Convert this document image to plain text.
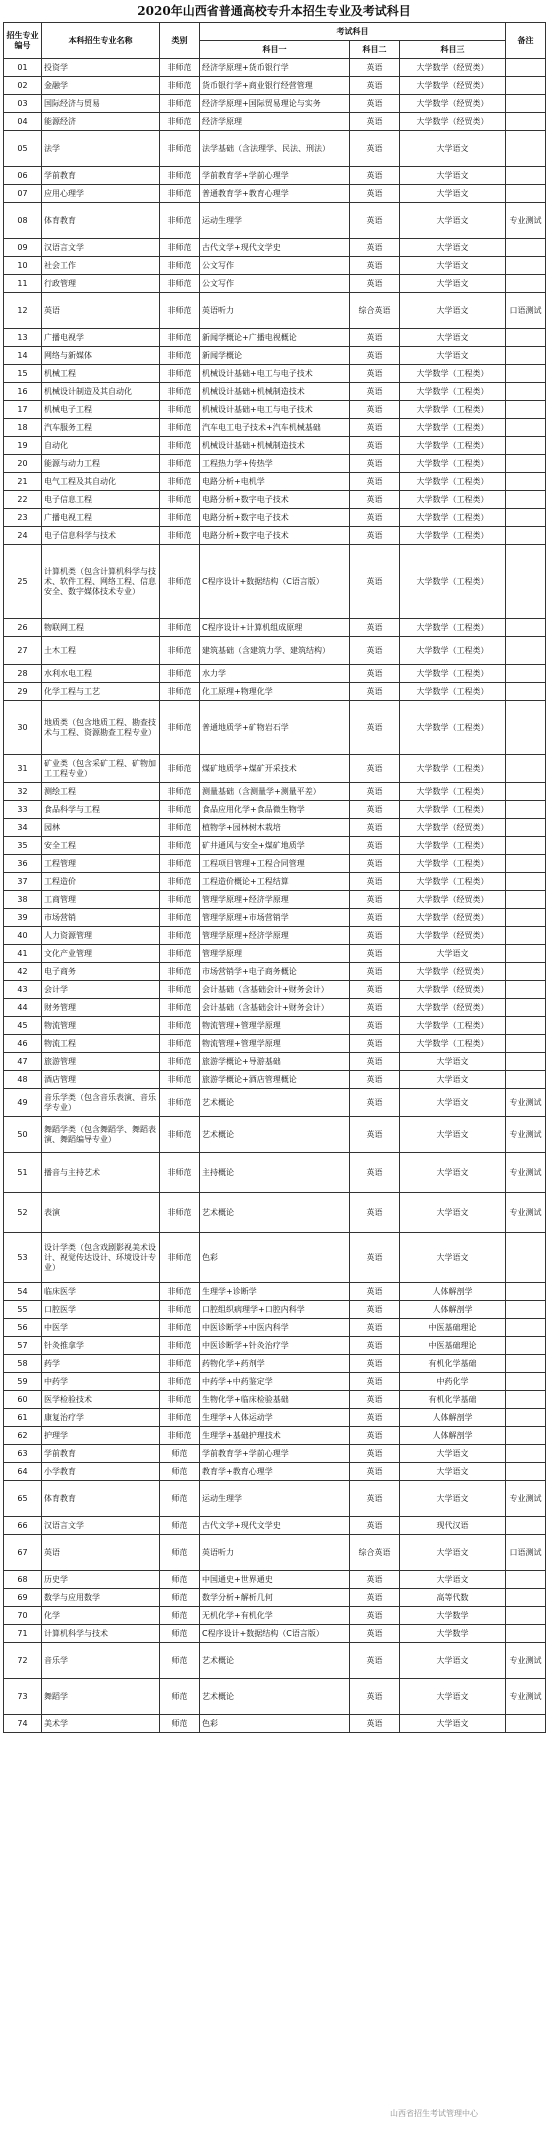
2020年山西省普通高校专升本招生专业及考试科目
招生专业编号	本科招生专业名称	类别	考试科目			备注
			科目一	科目二	科目三	
01	投资学	非师范	经济学原理+货币银行学	英语	大学数学（经贸类）	
02	金融学	非师范	货币银行学+商业银行经营管理	英语	大学数学（经贸类）	
03	国际经济与贸易	非师范	经济学原理+国际贸易理论与实务	英语	大学数学（经贸类）	
04	能源经济	非师范	经济学原理	英语	大学数学（经贸类）	
05	法学	非师范	法学基础（含法理学、民法、刑法）	英语	大学语文	
06	学前教育	非师范	学前教育学+学前心理学	英语	大学语文	
07	应用心理学	非师范	普通教育学+教育心理学	英语	大学语文	
08	体育教育	非师范	运动生理学	英语	大学语文	专业测试
09	汉语言文学	非师范	古代文学+现代文学史	英语	大学语文	
10	社会工作	非师范	公文写作	英语	大学语文	
11	行政管理	非师范	公文写作	英语	大学语文	
12	英语	非师范	英语听力	综合英语	大学语文	口语测试
13	广播电视学	非师范	新闻学概论+广播电视概论	英语	大学语文	
14	网络与新媒体	非师范	新闻学概论	英语	大学语文	
15	机械工程	非师范	机械设计基础+电工与电子技术	英语	大学数学（工程类）	
16	机械设计制造及其自动化	非师范	机械设计基础+机械制造技术	英语	大学数学（工程类）	
17	机械电子工程	非师范	机械设计基础+电工与电子技术	英语	大学数学（工程类）	
18	汽车服务工程	非师范	汽车电工电子技术+汽车机械基础	英语	大学数学（工程类）	
19	自动化	非师范	机械设计基础+机械制造技术	英语	大学数学（工程类）	
20	能源与动力工程	非师范	工程热力学+传热学	英语	大学数学（工程类）	
21	电气工程及其自动化	非师范	电路分析+电机学	英语	大学数学（工程类）	
22	电子信息工程	非师范	电路分析+数字电子技术	英语	大学数学（工程类）	
23	广播电视工程	非师范	电路分析+数字电子技术	英语	大学数学（工程类）	
24	电子信息科学与技术	非师范	电路分析+数字电子技术	英语	大学数学（工程类）	
25	计算机类（包含计算机科学与技术、软件工程、网络工程、信息安全、数字媒体技术专业）	非师范	C程序设计+数据结构（C语言版）	英语	大学数学（工程类）	
26	物联网工程	非师范	C程序设计+计算机组成原理	英语	大学数学（工程类）	
27	土木工程	非师范	建筑基础（含建筑力学、建筑结构）	英语	大学数学（工程类）	
28	水利水电工程	非师范	水力学	英语	大学数学（工程类）	
29	化学工程与工艺	非师范	化工原理+物理化学	英语	大学数学（工程类）	
30	地质类（包含地质工程、勘查技术与工程、资源勘查工程专业）	非师范	普通地质学+矿物岩石学	英语	大学数学（工程类）	
31	矿业类（包含采矿工程、矿物加工工程专业）	非师范	煤矿地质学+煤矿开采技术	英语	大学数学（工程类）	
32	测绘工程	非师范	测量基础（含测量学+测量平差）	英语	大学数学（工程类）	
33	食品科学与工程	非师范	食品应用化学+食品微生物学	英语	大学数学（工程类）	
34	园林	非师范	植物学+园林树木栽培	英语	大学数学（经贸类）	
35	安全工程	非师范	矿井通风与安全+煤矿地质学	英语	大学数学（工程类）	
36	工程管理	非师范	工程项目管理+工程合同管理	英语	大学数学（工程类）	
37	工程造价	非师范	工程造价概论+工程结算	英语	大学数学（工程类）	
38	工商管理	非师范	管理学原理+经济学原理	英语	大学数学（经贸类）	
39	市场营销	非师范	管理学原理+市场营销学	英语	大学数学（经贸类）	
40	人力资源管理	非师范	管理学原理+经济学原理	英语	大学数学（经贸类）	
41	文化产业管理	非师范	管理学原理	英语	大学语文	
42	电子商务	非师范	市场营销学+电子商务概论	英语	大学数学（经贸类）	
43	会计学	非师范	会计基础（含基础会计+财务会计）	英语	大学数学（经贸类）	
44	财务管理	非师范	会计基础（含基础会计+财务会计）	英语	大学数学（经贸类）	
45	物流管理	非师范	物流管理+管理学原理	英语	大学数学（工程类）	
46	物流工程	非师范	物流管理+管理学原理	英语	大学数学（工程类）	
47	旅游管理	非师范	旅游学概论+导游基础	英语	大学语文	
48	酒店管理	非师范	旅游学概论+酒店管理概论	英语	大学语文	
49	音乐学类（包含音乐表演、音乐学专业）	非师范	艺术概论	英语	大学语文	专业测试
50	舞蹈学类（包含舞蹈学、舞蹈表演、舞蹈编导专业）	非师范	艺术概论	英语	大学语文	专业测试
51	播音与主持艺术	非师范	主持概论	英语	大学语文	专业测试
52	表演	非师范	艺术概论	英语	大学语文	专业测试
53	设计学类（包含戏剧影视美术设计、视觉传达设计、环境设计专业）	非师范	色彩	英语	大学语文	
54	临床医学	非师范	生理学+诊断学	英语	人体解剖学	
55	口腔医学	非师范	口腔组织病理学+口腔内科学	英语	人体解剖学	
56	中医学	非师范	中医诊断学+中医内科学	英语	中医基础理论	
57	针灸推拿学	非师范	中医诊断学+针灸治疗学	英语	中医基础理论	
58	药学	非师范	药物化学+药剂学	英语	有机化学基础	
59	中药学	非师范	中药学+中药鉴定学	英语	中药化学	
60	医学检验技术	非师范	生物化学+临床检验基础	英语	有机化学基础	
61	康复治疗学	非师范	生理学+人体运动学	英语	人体解剖学	
62	护理学	非师范	生理学+基础护理技术	英语	人体解剖学	
63	学前教育	师范	学前教育学+学前心理学	英语	大学语文	
64	小学教育	师范	教育学+教育心理学	英语	大学语文	
65	体育教育	师范	运动生理学	英语	大学语文	专业测试
66	汉语言文学	师范	古代文学+现代文学史	英语	现代汉语	
67	英语	师范	英语听力	综合英语	大学语文	口语测试
68	历史学	师范	中国通史+世界通史	英语	大学语文	
69	数学与应用数学	师范	数学分析+解析几何	英语	高等代数	
70	化学	师范	无机化学+有机化学	英语	大学数学	
71	计算机科学与技术	师范	C程序设计+数据结构（C语言版）	英语	大学数学	
72	音乐学	师范	艺术概论	英语	大学语文	专业测试
73	舞蹈学	师范	艺术概论	英语	大学语文	专业测试
74	美术学	师范	色彩	英语	大学语文	
山西省招生考试管理中心
